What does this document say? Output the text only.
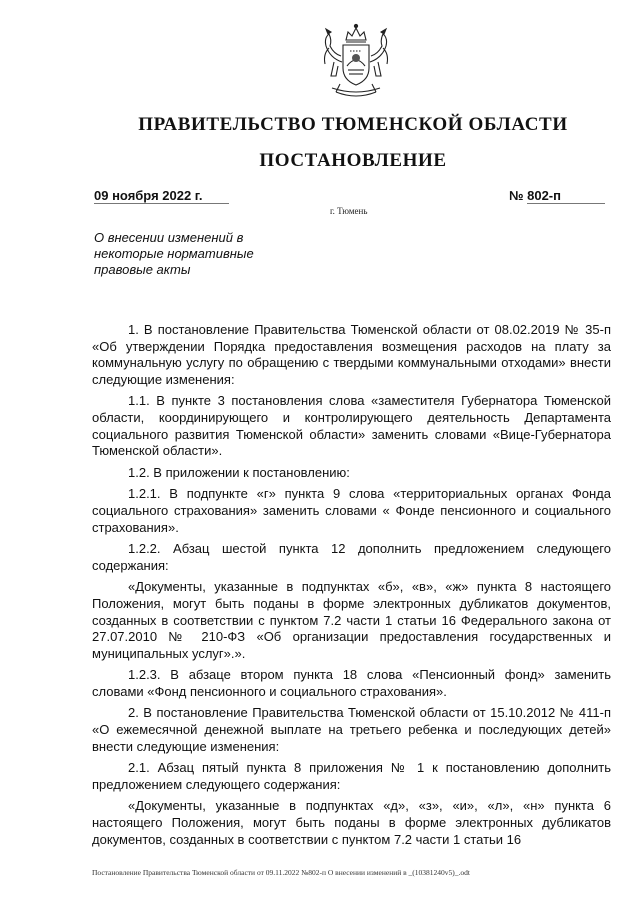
ПРАВИТЕЛЬСТВО ТЮМЕНСКОЙ ОБЛАСТИ
ПОСТАНОВЛЕНИЕ
09 ноября 2022 г.	№ 802-п
г. Тюмень
О внесении изменений в некоторые нормативные правовые акты

1. В постановление Правительства Тюменской области от 08.02.2019 № 35-п «Об утверждении Порядка предоставления возмещения расходов на плату за коммунальную услугу по обращению с твердыми коммунальными отходами» внести следующие изменения:

1.1. В пункте 3 постановления слова «заместителя Губернатора Тюменской области, координирующего и контролирующего деятельность Департамента социального развития Тюменской области» заменить словами «Вице-Губернатора Тюменской области».

1.2. В приложении к постановлению:

1.2.1. В подпункте «г» пункта 9 слова «территориальных органах Фонда социального страхования» заменить словами « Фонде пенсионного и социального страхования».

1.2.2. Абзац шестой пункта 12 дополнить предложением следующего содержания:

«Документы, указанные в подпунктах «б», «в», «ж» пункта 8 настоящего Положения, могут быть поданы в форме электронных дубликатов документов, созданных в соответствии с пунктом 7.2 части 1 статьи 16 Федерального закона от 27.07.2010 № 210-ФЗ «Об организации предоставления государственных и муниципальных услуг».».

1.2.3. В абзаце втором пункта 18 слова «Пенсионный фонд» заменить словами «Фонд пенсионного и социального страхования».

2. В постановление Правительства Тюменской области от 15.10.2012 № 411-п «О ежемесячной денежной выплате на третьего ребенка и последующих детей» внести следующие изменения:

2.1. Абзац пятый пункта 8 приложения № 1 к постановлению дополнить предложением следующего содержания:

«Документы, указанные в подпунктах «д», «з», «и», «л», «н» пункта 6 настоящего Положения, могут быть поданы в форме электронных дубликатов документов, созданных в соответствии с пунктом 7.2 части 1 статьи 16

Постановление Правительства Тюменской области от 09.11.2022 №802-п О внесении изменений в _(10381240v5)_.odt
